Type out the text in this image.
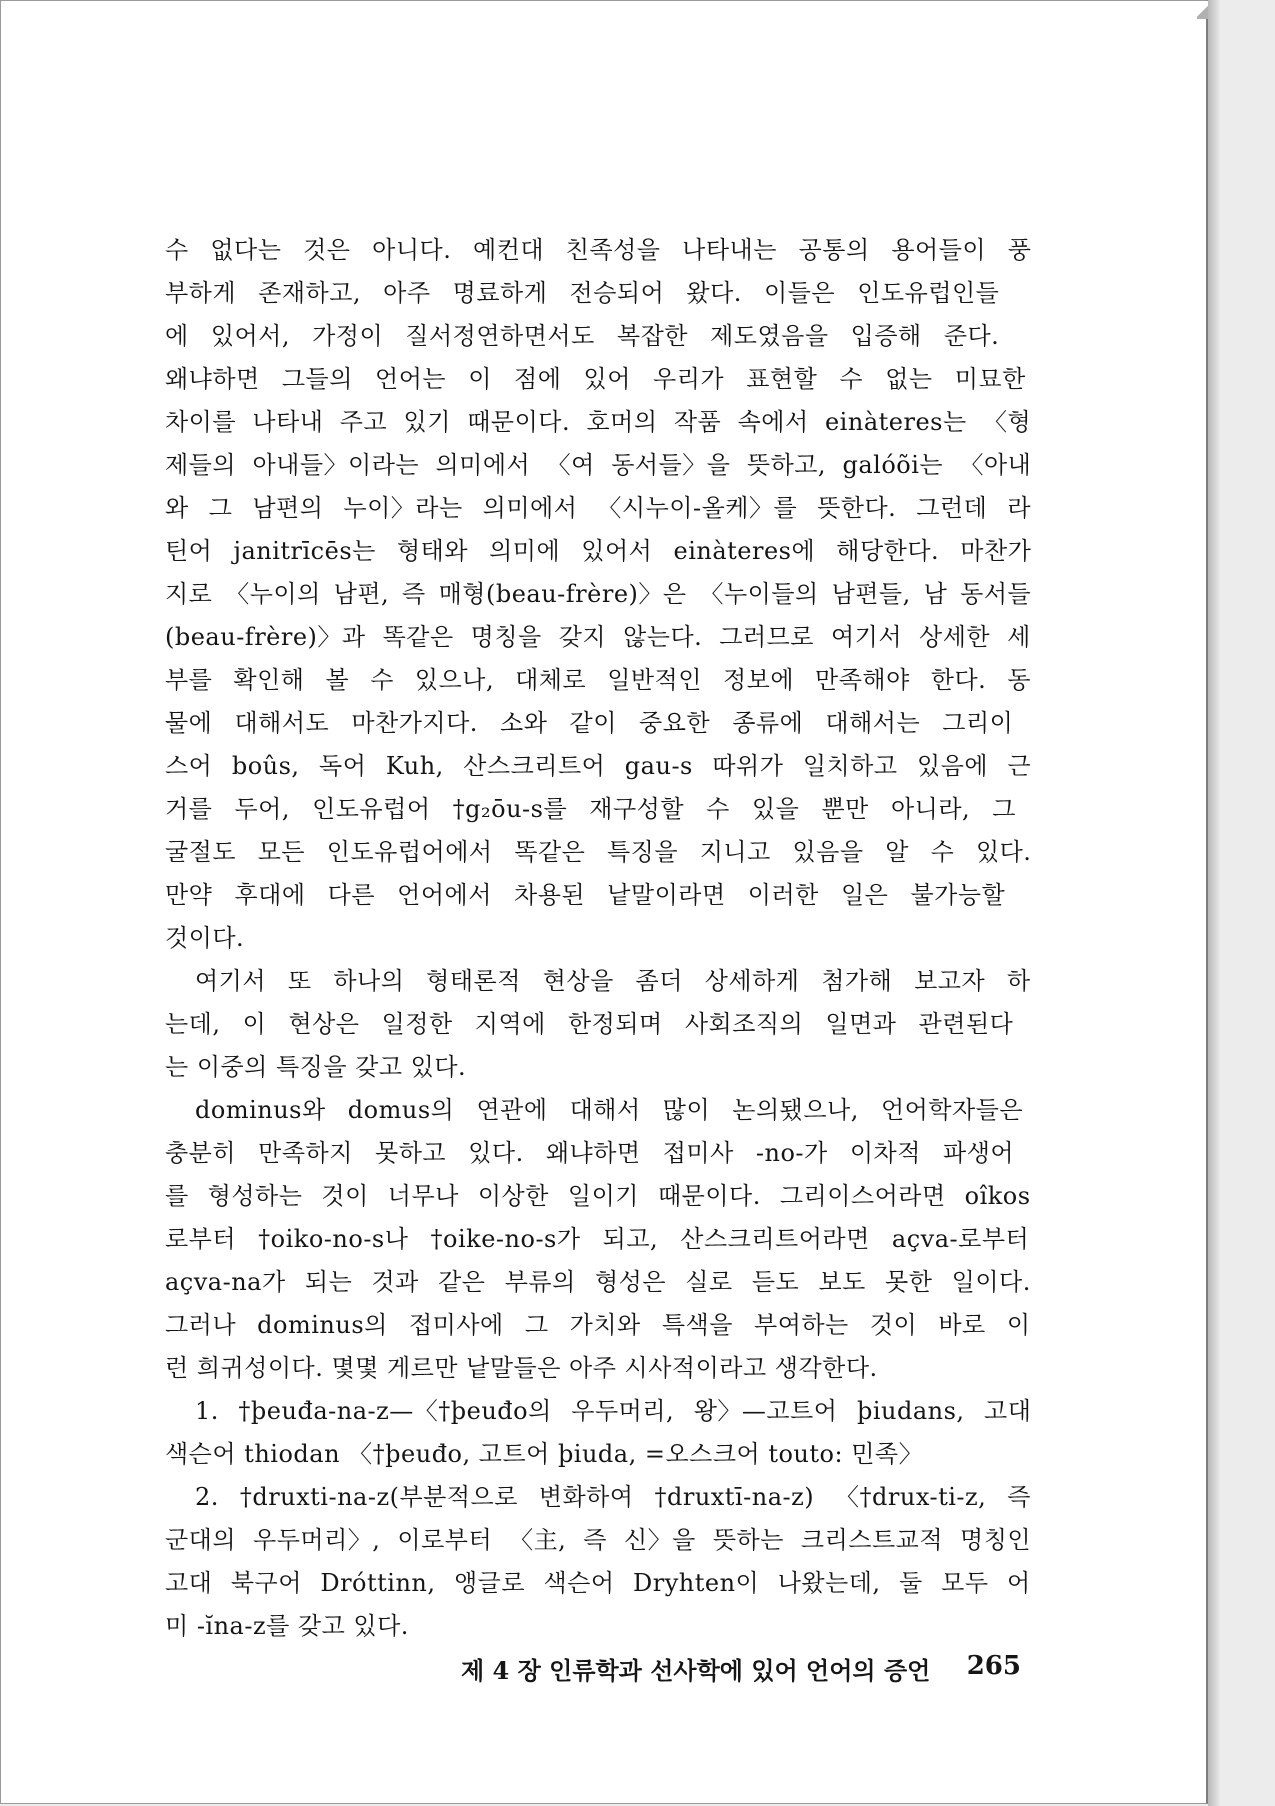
수 없다는 것은 아니다. 예컨대 친족성을 나타내는 공통의 용어들이 풍
부하게 존재하고, 아주 명료하게 전승되어 왔다. 이들은 인도유럽인들
에 있어서, 가정이 질서정연하면서도 복잡한 제도였음을 입증해 준다.
왜냐하면 그들의 언어는 이 점에 있어 우리가 표현할 수 없는 미묘한
차이를 나타내 주고 있기 때문이다. 호머의 작품 속에서 einàteres는 〈형
제들의 아내들〉이라는 의미에서 〈여 동서들〉을 뜻하고, galóõi는 〈아내
와 그 남편의 누이〉라는 의미에서 〈시누이-올케〉를 뜻한다. 그런데 라
틴어 janitrīcēs는 형태와 의미에 있어서 einàteres에 해당한다. 마찬가
지로 〈누이의 남편, 즉 매형(beau-frère)〉은 〈누이들의 남편들, 남 동서들
(beau-frère)〉과 똑같은 명칭을 갖지 않는다. 그러므로 여기서 상세한 세
부를 확인해 볼 수 있으나, 대체로 일반적인 정보에 만족해야 한다. 동
물에 대해서도 마찬가지다. 소와 같이 중요한 종류에 대해서는 그리이
스어 boûs, 독어 Kuh, 산스크리트어 gau-s 따위가 일치하고 있음에 근
거를 두어, 인도유럽어 †g₂ōu-s를 재구성할 수 있을 뿐만 아니라, 그
굴절도 모든 인도유럽어에서 똑같은 특징을 지니고 있음을 알 수 있다.
만약 후대에 다른 언어에서 차용된 낱말이라면 이러한 일은 불가능할
것이다.
여기서 또 하나의 형태론적 현상을 좀더 상세하게 첨가해 보고자 하
는데, 이 현상은 일정한 지역에 한정되며 사회조직의 일면과 관련된다
는 이중의 특징을 갖고 있다.
dominus와 domus의 연관에 대해서 많이 논의됐으나, 언어학자들은
충분히 만족하지 못하고 있다. 왜냐하면 접미사 -no-가 이차적 파생어
를 형성하는 것이 너무나 이상한 일이기 때문이다. 그리이스어라면 oîkos
로부터 †oiko-no-s나 †oike-no-s가 되고, 산스크리트어라면 açva-로부터
açva-na가 되는 것과 같은 부류의 형성은 실로 듣도 보도 못한 일이다.
그러나 dominus의 접미사에 그 가치와 특색을 부여하는 것이 바로 이
런 희귀성이다. 몇몇 게르만 낱말들은 아주 시사적이라고 생각한다.
1. †þeuđa-na-z—〈†þeuđo의 우두머리, 왕〉—고트어 þiudans, 고대
색슨어 thiodan 〈†þeuđo, 고트어 þiuda, =오스크어 touto: 민족〉
2. †druxti-na-z(부분적으로 변화하여 †druxtī-na-z) 〈†drux-ti-z, 즉
군대의 우두머리〉, 이로부터 〈主, 즉 신〉을 뜻하는 크리스트교적 명칭인
고대 북구어 Dróttinn, 앵글로 색슨어 Dryhten이 나왔는데, 둘 모두 어
미 -ĭna-z를 갖고 있다.
제 4 장 인류학과 선사학에 있어 언어의 증언 265
